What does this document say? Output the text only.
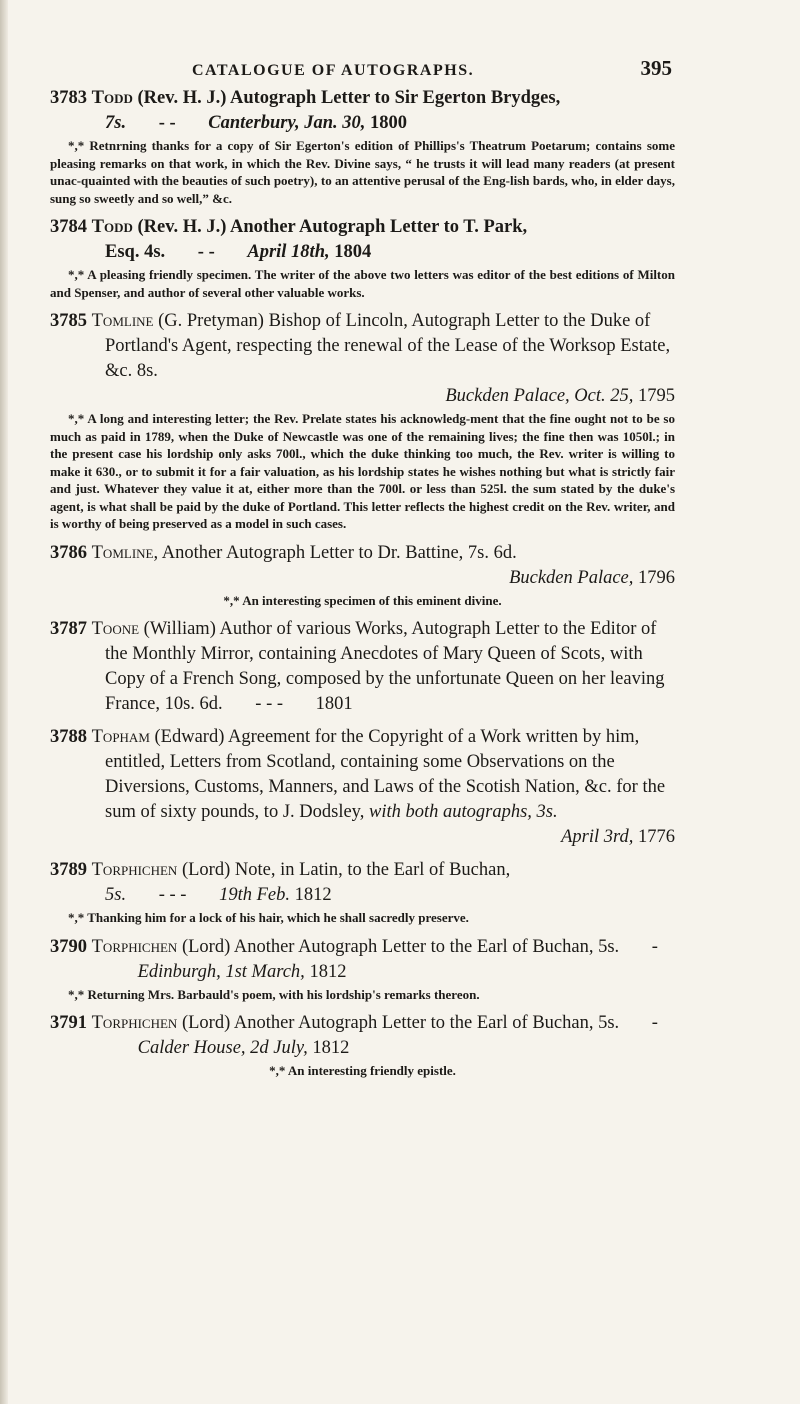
CATALOGUE OF AUTOGRAPHS.	395
3783 Todd (Rev. H. J.) Autograph Letter to Sir Egerton Brydges,
7s. - - Canterbury, Jan. 30, 1800
*,* Retnrning thanks for a copy of Sir Egerton's edition of Phillips's Theatrum Poetarum; contains some pleasing remarks on that work, in which the Rev. Divine says, “ he trusts it will lead many readers (at present unac-quainted with the beauties of such poetry), to an attentive perusal of the Eng-lish bards, who, in elder days, sung so sweetly and so well,” &c.
3784 Todd (Rev. H. J.) Another Autograph Letter to T. Park,
Esq. 4s. - - April 18th, 1804
*,* A pleasing friendly specimen. The writer of the above two letters was editor of the best editions of Milton and Spenser, and author of several other valuable works.
3785 Tomline (G. Pretyman) Bishop of Lincoln, Autograph Letter to the Duke of Portland's Agent, respecting the renewal of the Lease of the Worksop Estate, &c. 8s.
Buckden Palace, Oct. 25, 1795
*,* A long and interesting letter; the Rev. Prelate states his acknowledg-ment that the fine ought not to be so much as paid in 1789, when the Duke of Newcastle was one of the remaining lives; the fine then was 1050l.; in the present case his lordship only asks 700l., which the duke thinking too much, the Rev. writer is willing to make it 630., or to submit it for a fair valuation, as his lordship states he wishes nothing but what is strictly fair and just. Whatever they value it at, either more than the 700l. or less than 525l. the sum stated by the duke's agent, is what shall be paid by the duke of Portland. This letter reflects the highest credit on the Rev. writer, and is worthy of being preserved as a model in such cases.
3786 Tomline, Another Autograph Letter to Dr. Battine, 7s. 6d.
Buckden Palace, 1796
*,* An interesting specimen of this eminent divine.
3787 Toone (William) Author of various Works, Autograph Letter to the Editor of the Monthly Mirror, containing Anecdotes of Mary Queen of Scots, with Copy of a French Song, composed by the unfortunate Queen on her leaving France, 10s. 6d. - - - 1801
3788 Topham (Edward) Agreement for the Copyright of a Work written by him, entitled, Letters from Scotland, containing some Observations on the Diversions, Customs, Manners, and Laws of the Scotish Nation, &c. for the sum of sixty pounds, to J. Dodsley, with both autographs, 3s.
April 3rd, 1776
3789 Torphichen (Lord) Note, in Latin, to the Earl of Buchan,
5s. - - - 19th Feb. 1812
*,* Thanking him for a lock of his hair, which he shall sacredly preserve.
3790 Torphichen (Lord) Another Autograph Letter to the Earl of Buchan, 5s. - Edinburgh, 1st March, 1812
*,* Returning Mrs. Barbauld's poem, with his lordship's remarks thereon.
3791 Torphichen (Lord) Another Autograph Letter to the Earl of Buchan, 5s. - Calder House, 2d July, 1812
*,* An interesting friendly epistle.
